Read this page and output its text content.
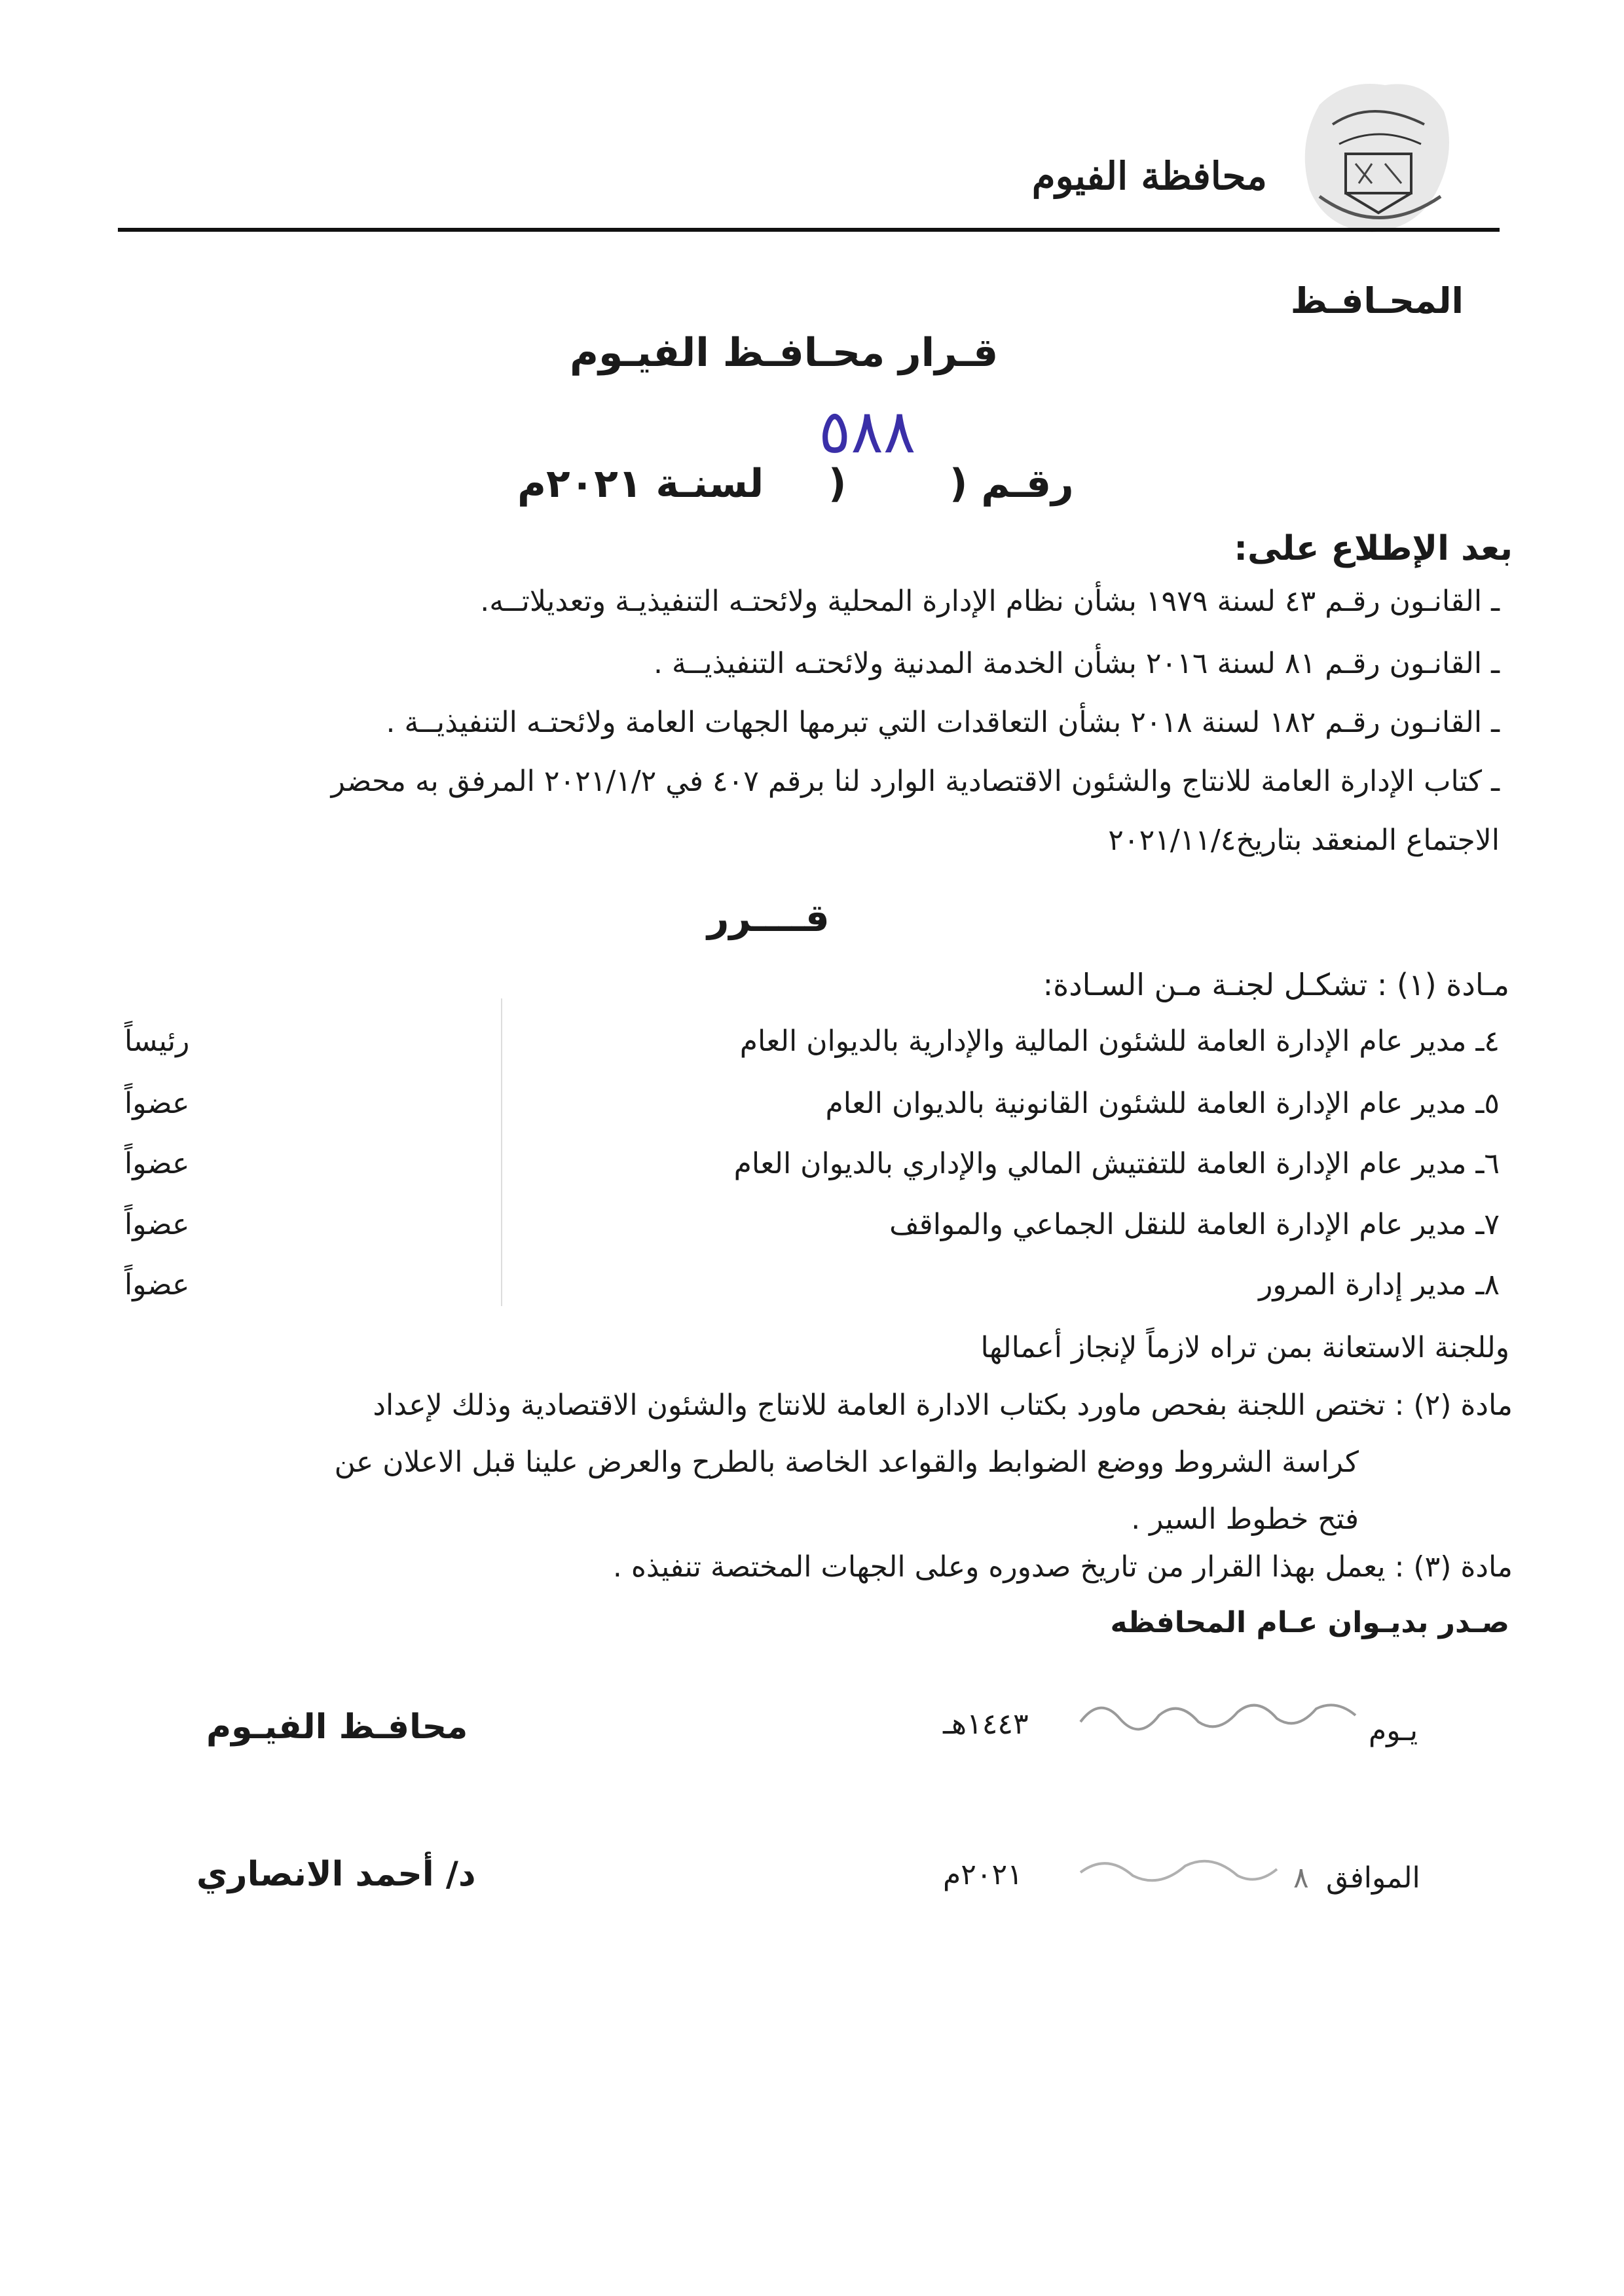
محافظة الفيوم
المحـافـظ
قـرار محـافـظ الفيـوم
٥٨٨
رقـم (
)
لسنـة ٢٠٢١م
بعد الإطلاع على:
ـ القانـون رقـم ٤٣ لسنة ١٩٧٩ بشأن نظام الإدارة المحلية ولائحتـه التنفيذيـة وتعديلاتــه.
ـ القانـون رقـم ٨١ لسنة ٢٠١٦ بشأن الخدمة المدنية ولائحتـه التنفيذيــة .
ـ القانـون رقـم ١٨٢ لسنة ٢٠١٨ بشأن التعاقدات التي تبرمها الجهات العامة ولائحتـه التنفيذيــة .
ـ كتاب الإدارة العامة للانتاج والشئون الاقتصادية الوارد لنا برقم ٤٠٧ في ٢٠٢١/١/٢ المرفق به محضر
الاجتماع المنعقد بتاريخ٢٠٢١/١١/٤
قــــرر
مـادة (١) : تشكـل لجنـة مـن السـادة:
٤ـ مدير عام الإدارة العامة للشئون المالية والإدارية بالديوان العام
رئيساً
٥ـ مدير عام الإدارة العامة للشئون القانونية بالديوان العام
عضواً
٦ـ مدير عام الإدارة العامة للتفتيش المالي والإداري بالديوان العام
عضواً
٧ـ مدير عام الإدارة العامة للنقل الجماعي والمواقف
عضواً
٨ـ مدير إدارة المرور
عضواً
وللجنة الاستعانة بمن تراه لازماً لإنجاز أعمالها
مادة (٢) : تختص اللجنة بفحص ماورد بكتاب الادارة العامة للانتاج والشئون الاقتصادية وذلك لإعداد
كراسة الشروط ووضع الضوابط والقواعد الخاصة بالطرح والعرض علينا قبل الاعلان عن
فتح خطوط السير .
مادة (٣) : يعمل بهذا القرار من تاريخ صدوره وعلى الجهات المختصة تنفيذه .
صـدر بديـوان عـام المحافظه
يـوم
١٤٤٣هـ
الموافق
٨
٢٠٢١م
محافـظ الفيـوم
د/ أحمد الانصاري
